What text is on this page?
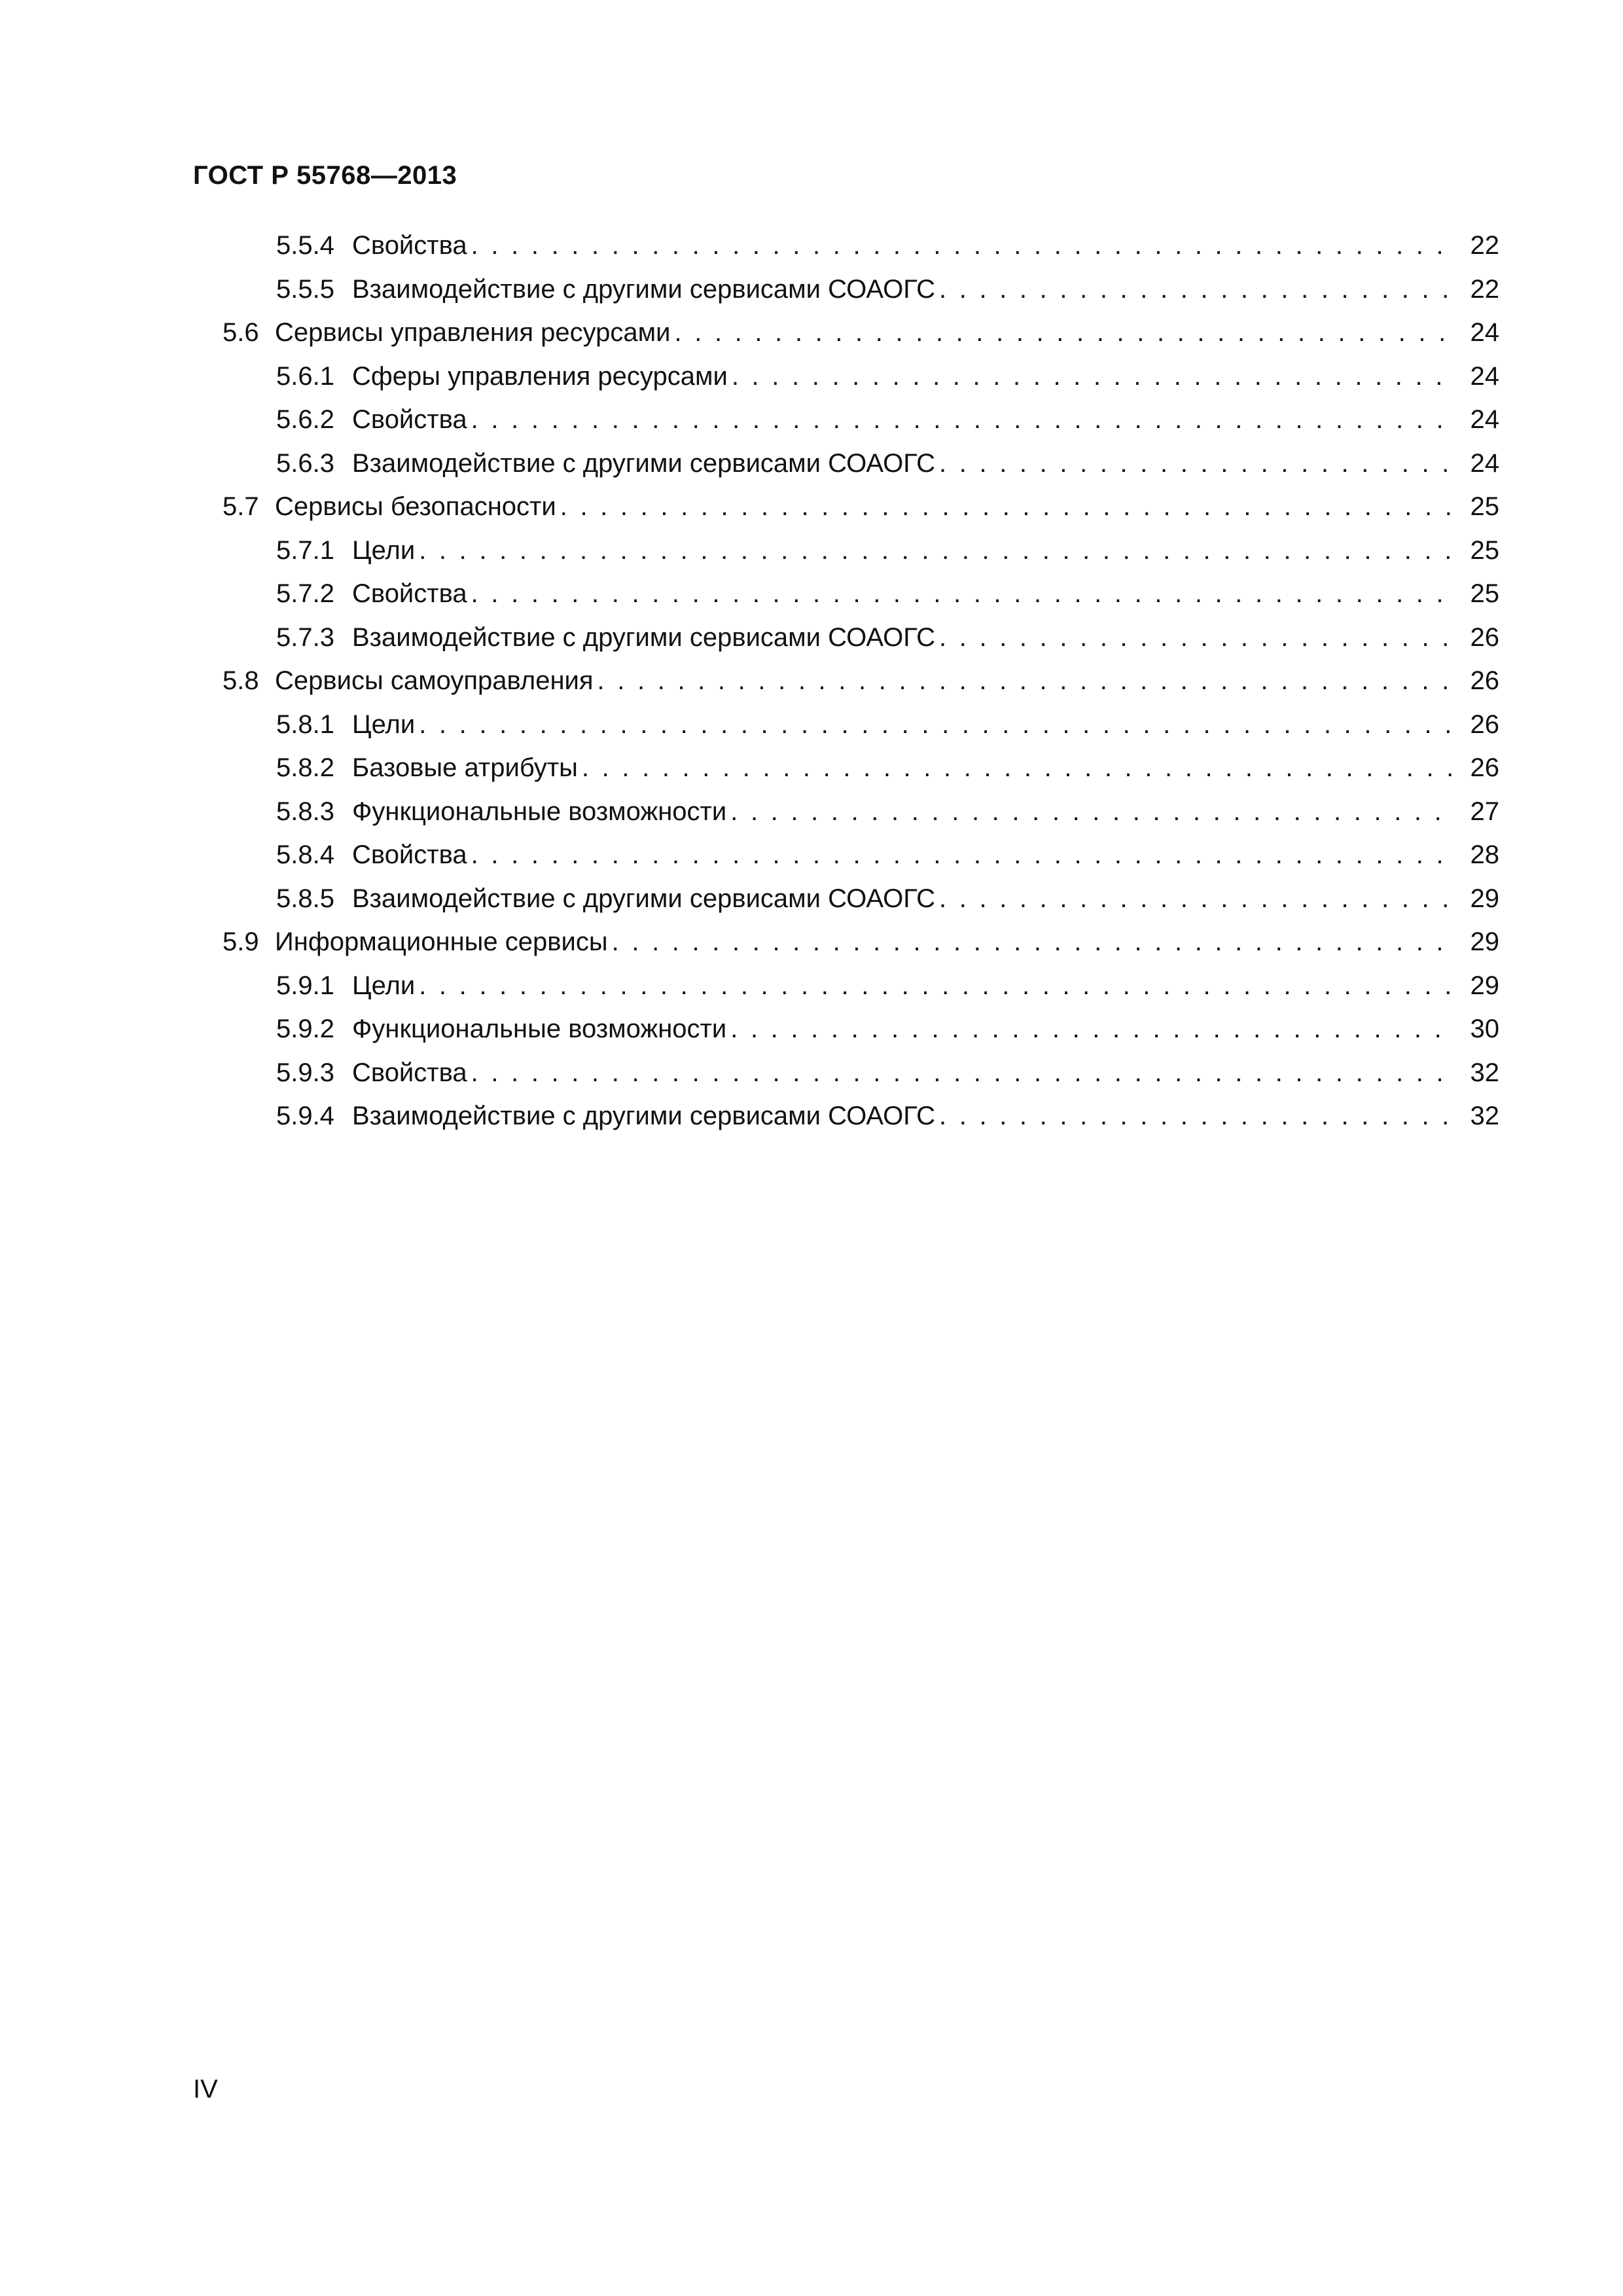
ГОСТ Р 55768—2013
5.5.4 Свойства . . .	22
5.5.5 Взаимодействие с другими сервисами СОАОГС . . .	22
5.6 Сервисы управления ресурсами . . .	24
5.6.1 Сферы управления ресурсами . . .	24
5.6.2 Свойства . . .	24
5.6.3 Взаимодействие с другими сервисами СОАОГС . . .	24
5.7 Сервисы безопасности . . .	25
5.7.1 Цели . . .	25
5.7.2 Свойства . . .	25
5.7.3 Взаимодействие с другими сервисами СОАОГС . . .	26
5.8 Сервисы самоуправления . . .	26
5.8.1 Цели . . .	26
5.8.2 Базовые атрибуты . . .	26
5.8.3 Функциональные возможности . . .	27
5.8.4 Свойства . . .	28
5.8.5 Взаимодействие с другими сервисами СОАОГС . . .	29
5.9 Информационные сервисы . . .	29
5.9.1 Цели . . .	29
5.9.2 Функциональные возможности . . .	30
5.9.3 Свойства . . .	32
5.9.4 Взаимодействие с другими сервисами СОАОГС . . .	32
IV
